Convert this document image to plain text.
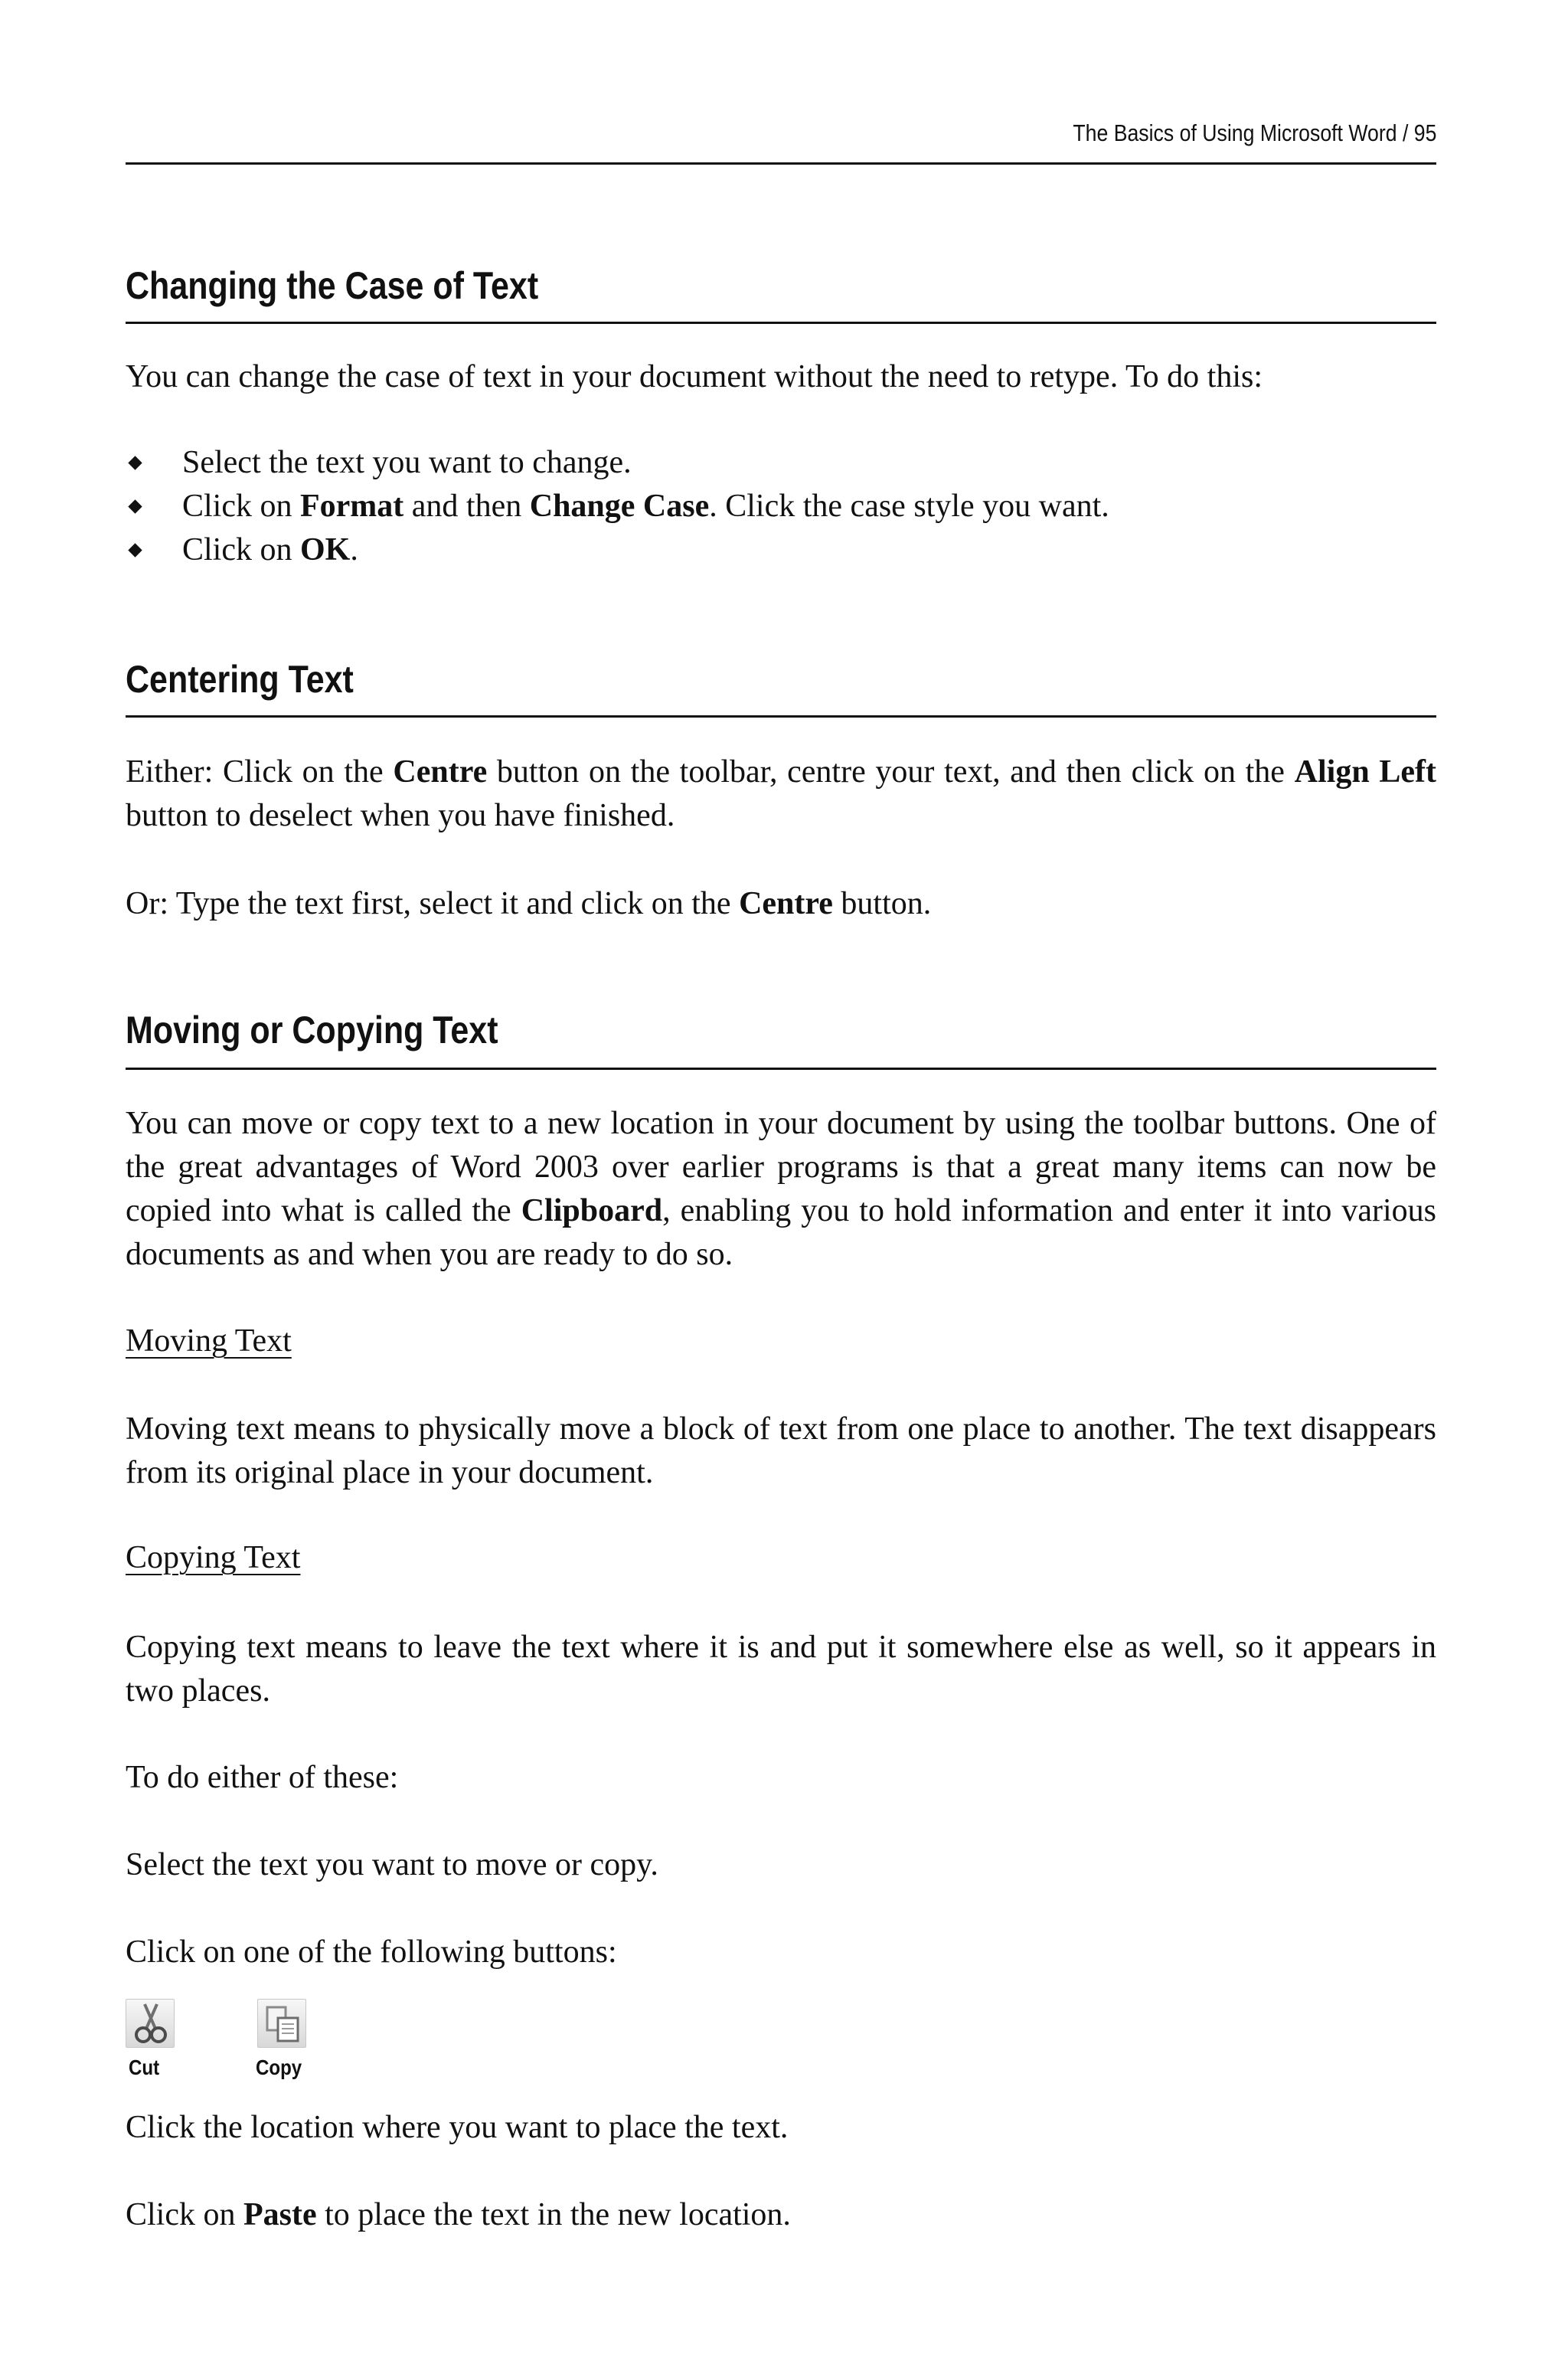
The Basics of Using Microsoft Word / 95
Changing the Case of Text
You can change the case of text in your document without the need to retype. To do this:
Select the text you want to change.
Click on Format and then Change Case. Click the case style you want.
Click on OK.
Centering Text
Either: Click on the Centre button on the toolbar, centre your text, and then click on the Align Left button to deselect when you have finished.
Or: Type the text first, select it and click on the Centre button.
Moving or Copying Text
You can move or copy text to a new location in your document by using the toolbar buttons. One of the great advantages of Word 2003 over earlier programs is that a great many items can now be copied into what is called the Clipboard, enabling you to hold information and enter it into various documents as and when you are ready to do so.
Moving Text
Moving text means to physically move a block of text from one place to another. The text disappears from its original place in your document.
Copying Text
Copying text means to leave the text where it is and put it somewhere else as well, so it appears in two places.
To do either of these:
Select the text you want to move or copy.
Click on one of the following buttons:
Cut	Copy
Click the location where you want to place the text.
Click on Paste to place the text in the new location.
